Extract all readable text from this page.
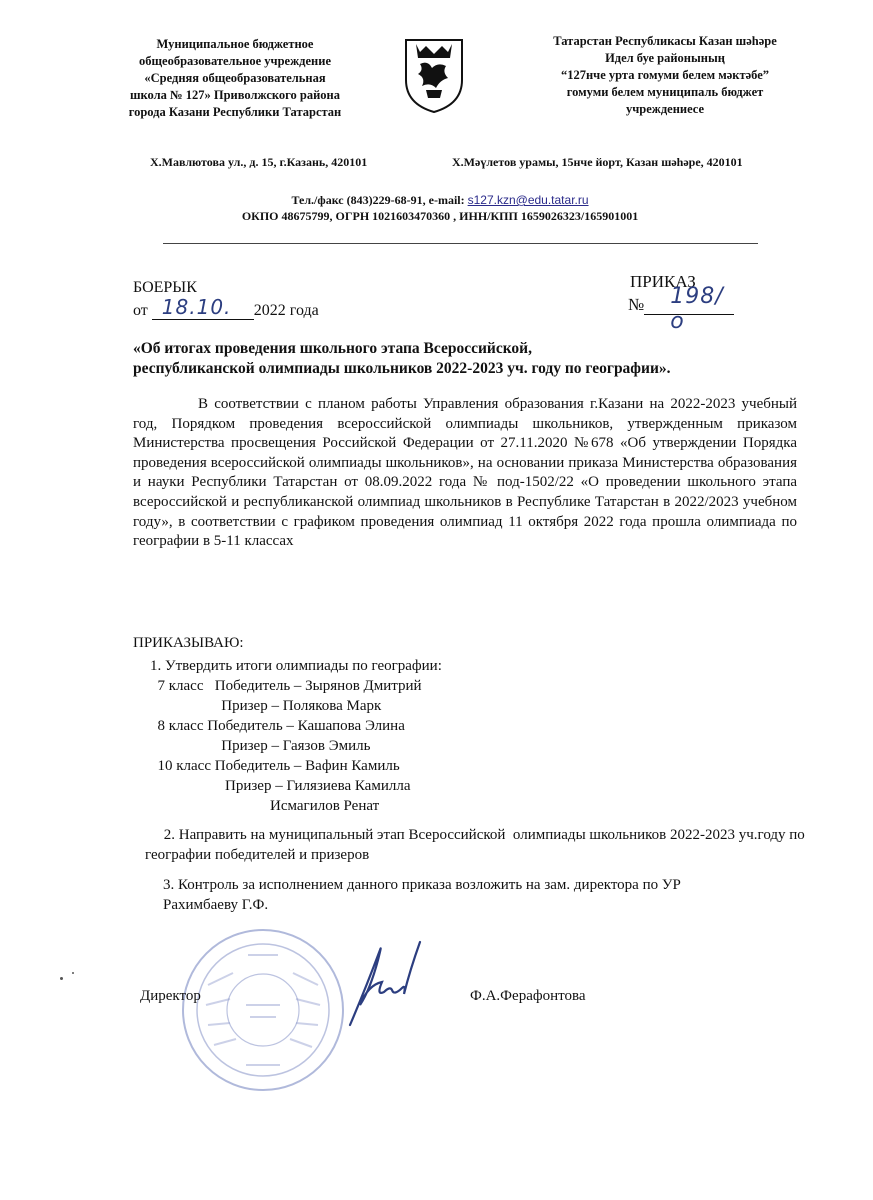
Муниципальное бюджетное
общеобразовательное учреждение
«Средняя общеобразовательная
школа № 127» Приволжского района
города Казани Республики Татарстан
Татарстан Республикасы Казан шәһәре
Идел буе районының
“127нче урта гомуми белем мәктәбе”
гомуми белем муниципаль бюджет
учреждениесе
Х.Мавлютова ул., д. 15, г.Казань, 420101	Х.Мәүлетов урамы, 15нче йорт, Казан шәһәре, 420101
Тел./факс (843)229-68-91, e-mail: s127.kzn@edu.tatar.ru
ОКПО 48675799, ОГРН 1021603470360 , ИНН/КПП 1659026323/165901001
БОЕРЫК
от 18.10. 2022 года
ПРИКАЗ
№ 198/о
«Об итогах проведения школьного этапа Всероссийской,
республиканской олимпиады школьников 2022-2023 уч. году по географии».
В соответствии с планом работы Управления образования г.Казани на 2022-2023 учебный год, Порядком проведения всероссийской олимпиады школьников, утвержденным приказом Министерства просвещения Российской Федерации от 27.11.2020 №678 «Об утверждении Порядка проведения всероссийской олимпиады школьников», на основании приказа Министерства образования и науки Республики Татарстан от 08.09.2022 года № под-1502/22 «О проведении школьного этапа всероссийской и республиканской олимпиад школьников в Республике Татарстан в 2022/2023 учебном году», в соответствии с графиком проведения олимпиад 11 октября 2022 года прошла олимпиада по географии в 5-11 классах
ПРИКАЗЫВАЮ:
1. Утвердить итоги олимпиады по географии:
7 класс   Победитель – Зырянов Дмитрий
Призер – Полякова Марк
8 класс Победитель – Кашапова Элина
Призер – Гаязов Эмиль
10 класс Победитель – Вафин Камиль
Призер – Гилязиева Камилла
Исмагилов Ренат
2. Направить на муниципальный этап Всероссийской  олимпиады школьников 2022-2023 уч.году по географии победителей и призеров
3. Контроль за исполнением данного приказа возложить на зам. директора по УР
Рахимбаеву Г.Ф.
Директор	Ф.А.Ферафонтова
